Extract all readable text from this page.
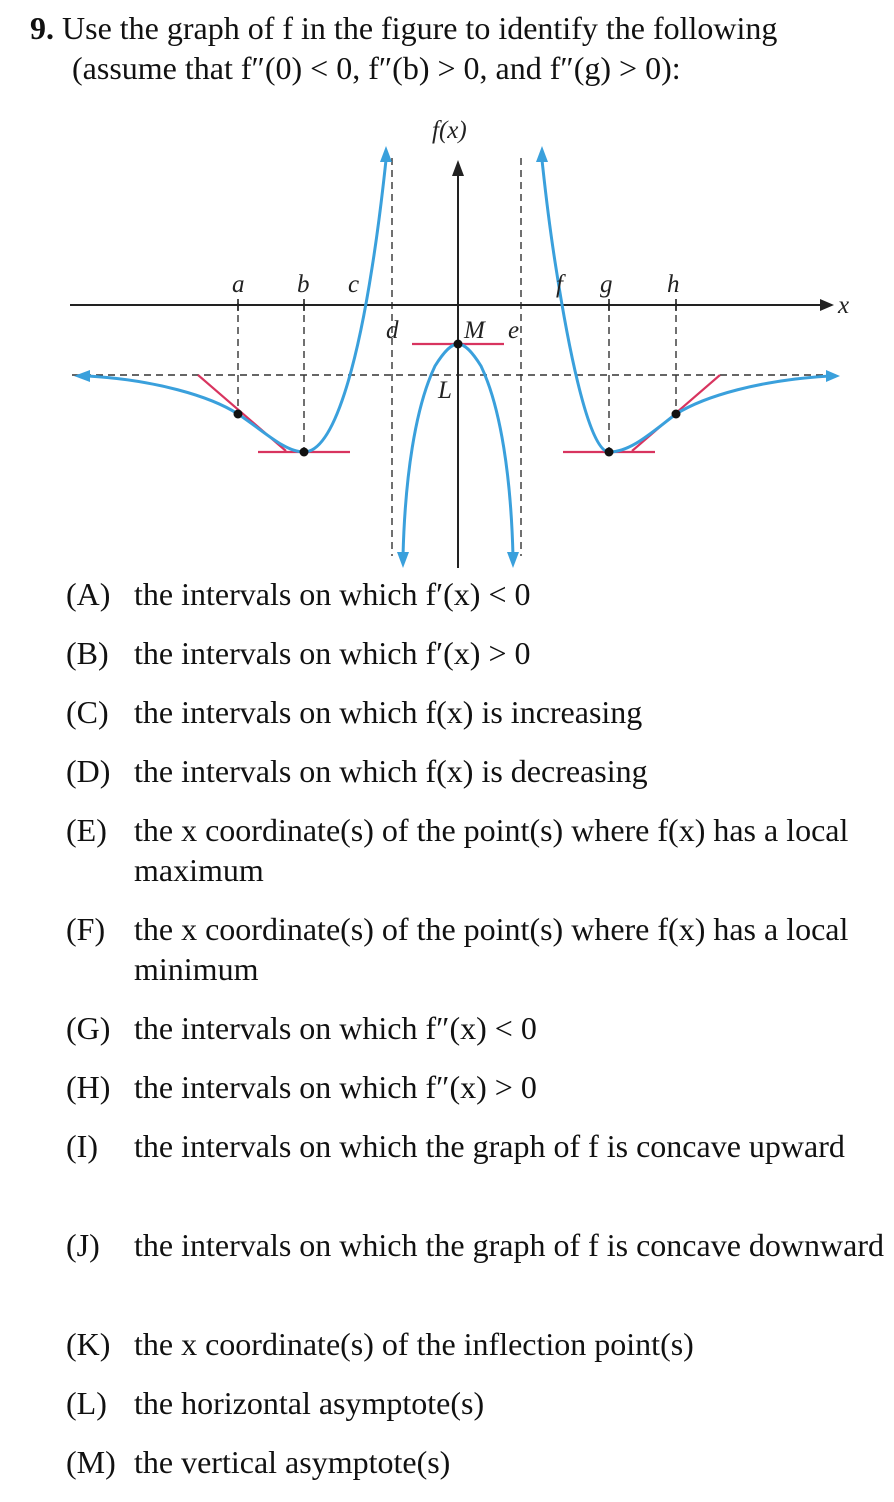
9. Use the graph of f in the figure to identify the following
(assume that f″(0) < 0, f″(b) > 0, and f″(g) > 0):
f(x)
x
a b c
d	M e
f g h
L
(A) the intervals on which f′(x) < 0
(B) the intervals on which f′(x) > 0
(C) the intervals on which f(x) is increasing
(D) the intervals on which f(x) is decreasing
(E) the x coordinate(s) of the point(s) where f(x) has a local maximum
(F) the x coordinate(s) of the point(s) where f(x) has a local minimum
(G) the intervals on which f″(x) < 0
(H) the intervals on which f″(x) > 0
(I)	the intervals on which the graph of f is concave upward
(J)	the intervals on which the graph of f is concave downward
(K) the x coordinate(s) of the inflection point(s)
(L) the horizontal asymptote(s)
(M) the vertical asymptote(s)
